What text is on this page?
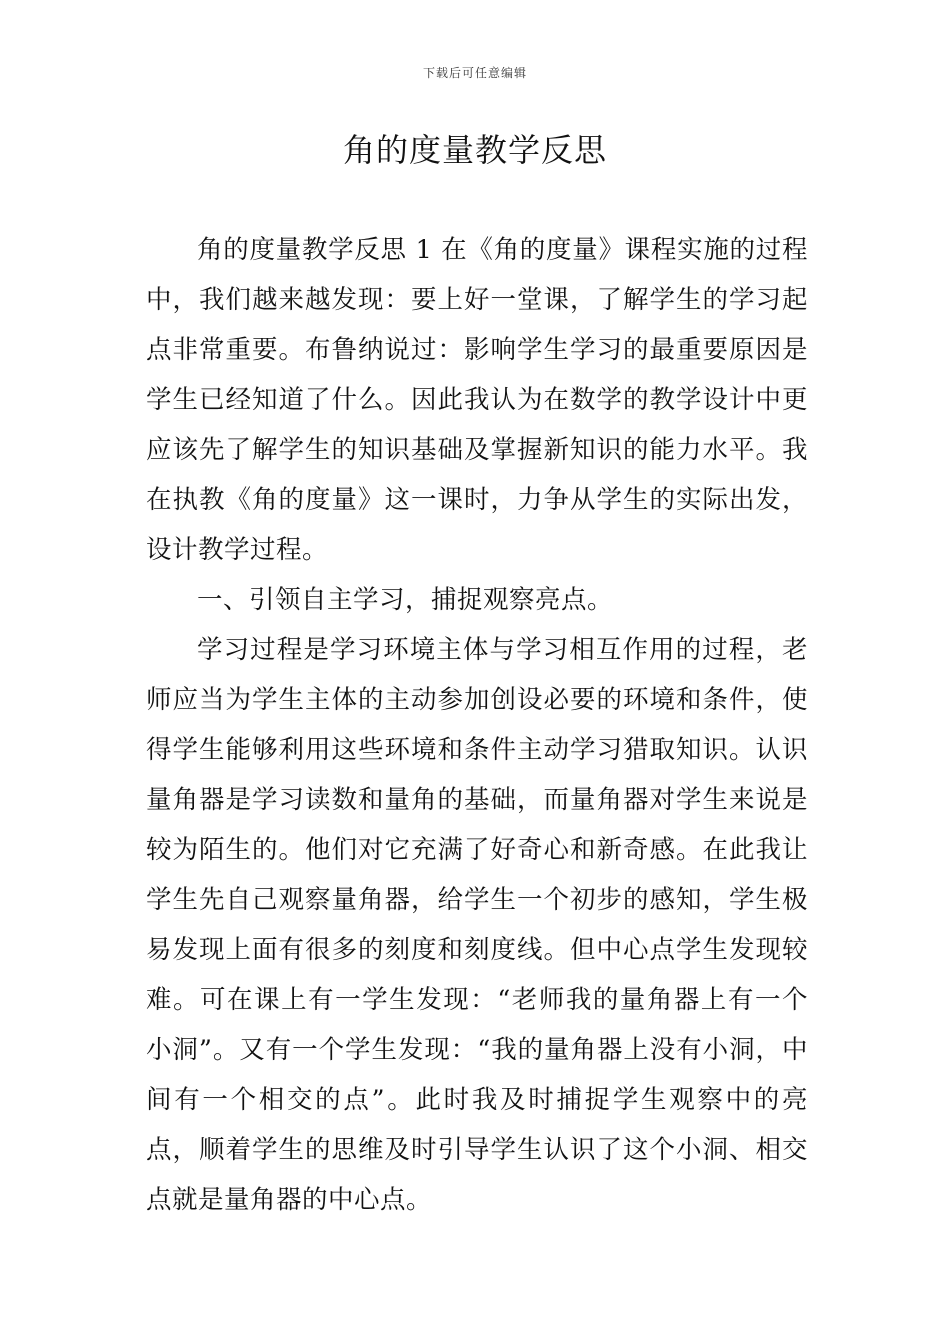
下载后可任意编辑
角的度量教学反思

角的度量教学反思 1 在《角的度量》课程实施的过程中，我们越来越发现：要上好一堂课，了解学生的学习起点非常重要。布鲁纳说过：影响学生学习的最重要原因是学生已经知道了什么。因此我认为在数学的教学设计中更应该先了解学生的知识基础及掌握新知识的能力水平。我在执教《角的度量》这一课时，力争从学生的实际出发，设计教学过程。

一、引领自主学习，捕捉观察亮点。

学习过程是学习环境主体与学习相互作用的过程，老师应当为学生主体的主动参加创设必要的环境和条件，使得学生能够利用这些环境和条件主动学习猎取知识。认识量角器是学习读数和量角的基础，而量角器对学生来说是较为陌生的。他们对它充满了好奇心和新奇感。在此我让学生先自己观察量角器，给学生一个初步的感知，学生极易发现上面有很多的刻度和刻度线。但中心点学生发现较难。可在课上有一学生发现：“老师我的量角器上有一个小洞”。又有一个学生发现：“我的量角器上没有小洞，中间有一个相交的点”。此时我及时捕捉学生观察中的亮点，顺着学生的思维及时引导学生认识了这个小洞、相交点就是量角器的中心点。
